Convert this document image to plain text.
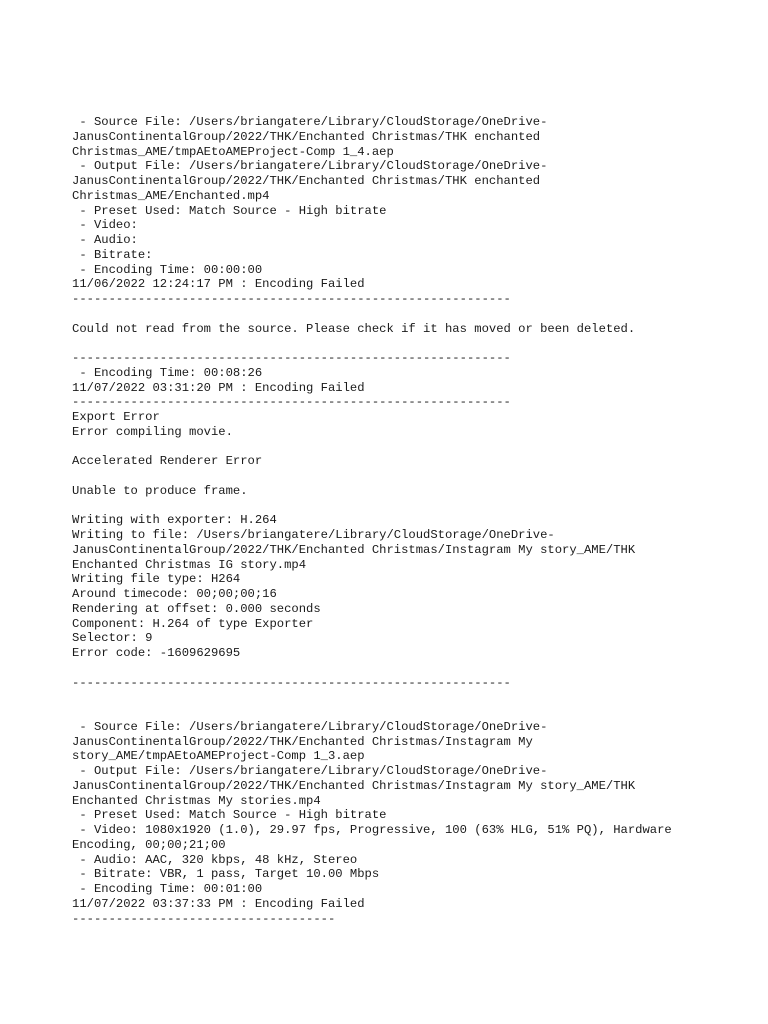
- Source File: /Users/briangatere/Library/CloudStorage/OneDrive-
JanusContinentalGroup/2022/THK/Enchanted Christmas/THK enchanted
Christmas_AME/tmpAEtoAMEProject-Comp 1_4.aep
- Output File: /Users/briangatere/Library/CloudStorage/OneDrive-
JanusContinentalGroup/2022/THK/Enchanted Christmas/THK enchanted
Christmas_AME/Enchanted.mp4
- Preset Used: Match Source - High bitrate
- Video:
- Audio:
- Bitrate:
- Encoding Time: 00:00:00
11/06/2022 12:24:17 PM : Encoding Failed
------------------------------------------------------------
Could not read from the source. Please check if it has moved or been deleted.
------------------------------------------------------------
- Encoding Time: 00:08:26
11/07/2022 03:31:20 PM : Encoding Failed
------------------------------------------------------------
Export Error
Error compiling movie.
Accelerated Renderer Error
Unable to produce frame.
Writing with exporter: H.264
Writing to file: /Users/briangatere/Library/CloudStorage/OneDrive-
JanusContinentalGroup/2022/THK/Enchanted Christmas/Instagram My story_AME/THK
Enchanted Christmas IG story.mp4
Writing file type: H264
Around timecode: 00;00;00;16
Rendering at offset: 0.000 seconds
Component: H.264 of type Exporter
Selector: 9
Error code: -1609629695
------------------------------------------------------------
- Source File: /Users/briangatere/Library/CloudStorage/OneDrive-
JanusContinentalGroup/2022/THK/Enchanted Christmas/Instagram My
story_AME/tmpAEtoAMEProject-Comp 1_3.aep
- Output File: /Users/briangatere/Library/CloudStorage/OneDrive-
JanusContinentalGroup/2022/THK/Enchanted Christmas/Instagram My story_AME/THK
Enchanted Christmas My stories.mp4
- Preset Used: Match Source - High bitrate
- Video: 1080x1920 (1.0), 29.97 fps, Progressive, 100 (63% HLG, 51% PQ), Hardware
Encoding, 00;00;21;00
- Audio: AAC, 320 kbps, 48 kHz, Stereo
- Bitrate: VBR, 1 pass, Target 10.00 Mbps
- Encoding Time: 00:01:00
11/07/2022 03:37:33 PM : Encoding Failed
------------------------------------
